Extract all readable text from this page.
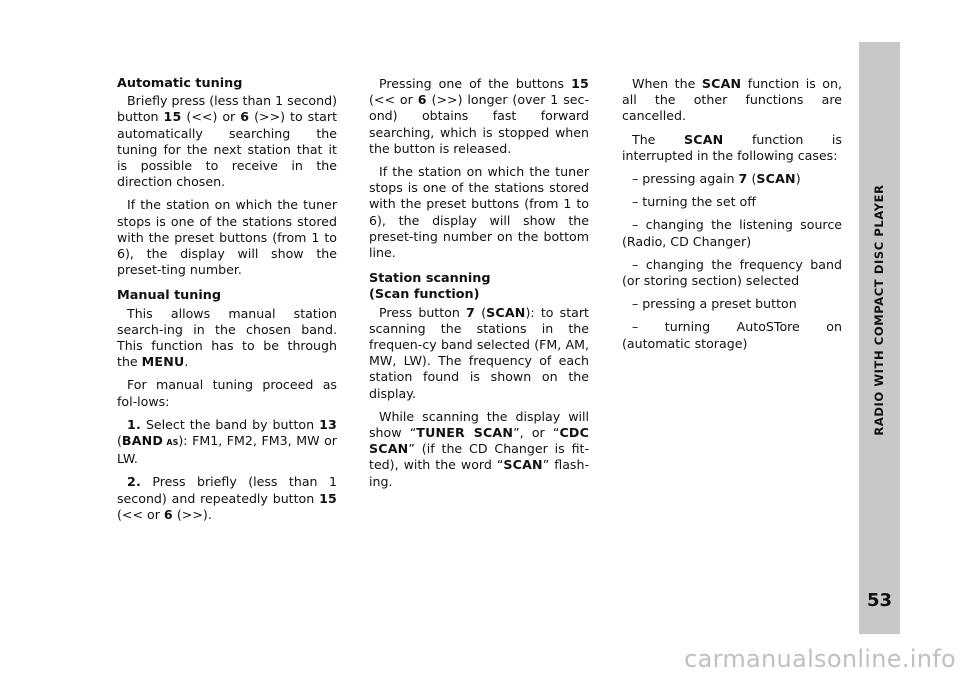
Automatic tuning

Briefly press (less than 1 second) button 15 (<<) or 6 (>>) to start automatically searching the tuning for the next station that it is possible to receive in the direction chosen.

If the station on which the tuner stops is one of the stations stored with the preset buttons (from 1 to 6), the display will show the preset-ting number.

Manual tuning

This allows manual station search-ing in the chosen band. This function has to be through the MENU.

For manual tuning proceed as fol-lows:

1. Select the band by button 13 (BAND AS): FM1, FM2, FM3, MW or LW.

2. Press briefly (less than 1 second) and repeatedly button 15 (<< or 6 (>>).

Pressing one of the buttons 15 (<< or 6 (>>) longer (over 1 sec-ond) obtains fast forward searching, which is stopped when the button is released.

If the station on which the tuner stops is one of the stations stored with the preset buttons (from 1 to 6), the display will show the preset-ting number on the bottom line.

Station scanning
(Scan function)

Press button 7 (SCAN): to start scanning the stations in the frequen-cy band selected (FM, AM, MW, LW). The frequency of each station found is shown on the display.

While scanning the display will show “TUNER SCAN”, or “CDC SCAN” (if the CD Changer is fit-ted), with the word “SCAN” flash-ing.

When the SCAN function is on, all the other functions are cancelled.

The SCAN function is interrupted in the following cases:

– pressing again 7 (SCAN)

– turning the set off

– changing the listening source (Radio, CD Changer)

– changing the frequency band (or storing section) selected

– pressing a preset button

– turning AutoSTore on (automatic storage)	RADIO WITH COMPACT DISC PLAYER
53
carmanualsonline.info
